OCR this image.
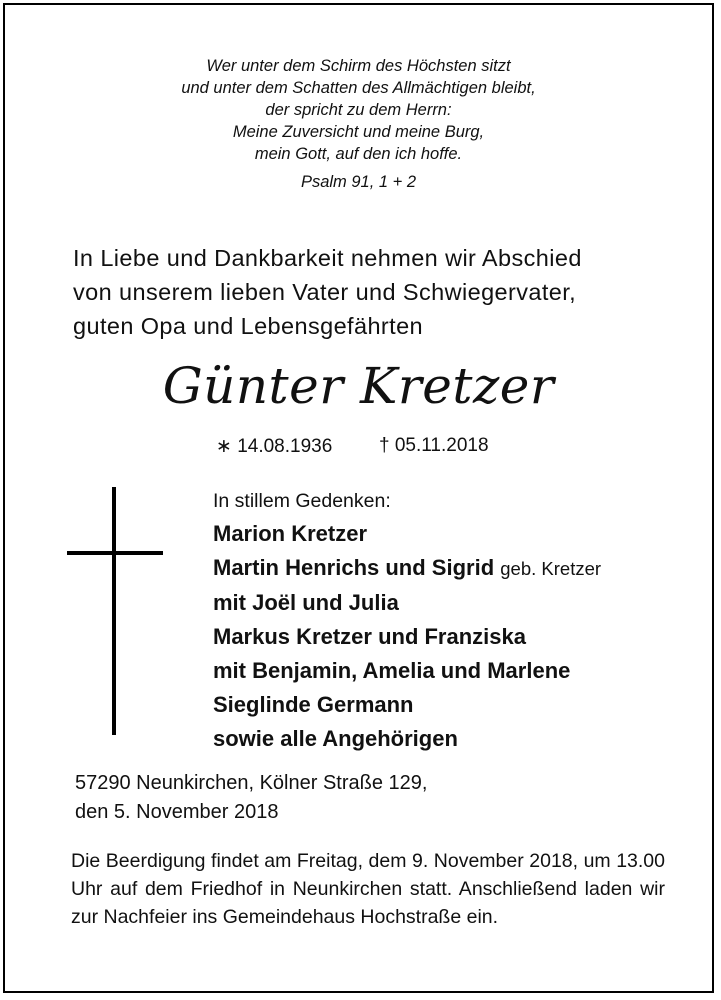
Wer unter dem Schirm des Höchsten sitzt
und unter dem Schatten des Allmächtigen bleibt,
der spricht zu dem Herrn:
Meine Zuversicht und meine Burg,
mein Gott, auf den ich hoffe.
Psalm 91, 1 + 2
In Liebe und Dankbarkeit nehmen wir Abschied
von unserem lieben Vater und Schwiegervater,
guten Opa und Lebensgefährten
Günter Kretzer
∗ 14.08.1936 † 05.11.2018
In stillem Gedenken:
Marion Kretzer
Martin Henrichs und Sigrid geb. Kretzer
mit Joël und Julia
Markus Kretzer und Franziska
mit Benjamin, Amelia und Marlene
Sieglinde Germann
sowie alle Angehörigen
57290 Neunkirchen, Kölner Straße 129,
den 5. November 2018
Die Beerdigung findet am Freitag, dem 9. November 2018, um 13.00 Uhr auf dem Friedhof in Neunkirchen statt. Anschließend laden wir zur Nachfeier ins Gemeindehaus Hochstraße ein.
